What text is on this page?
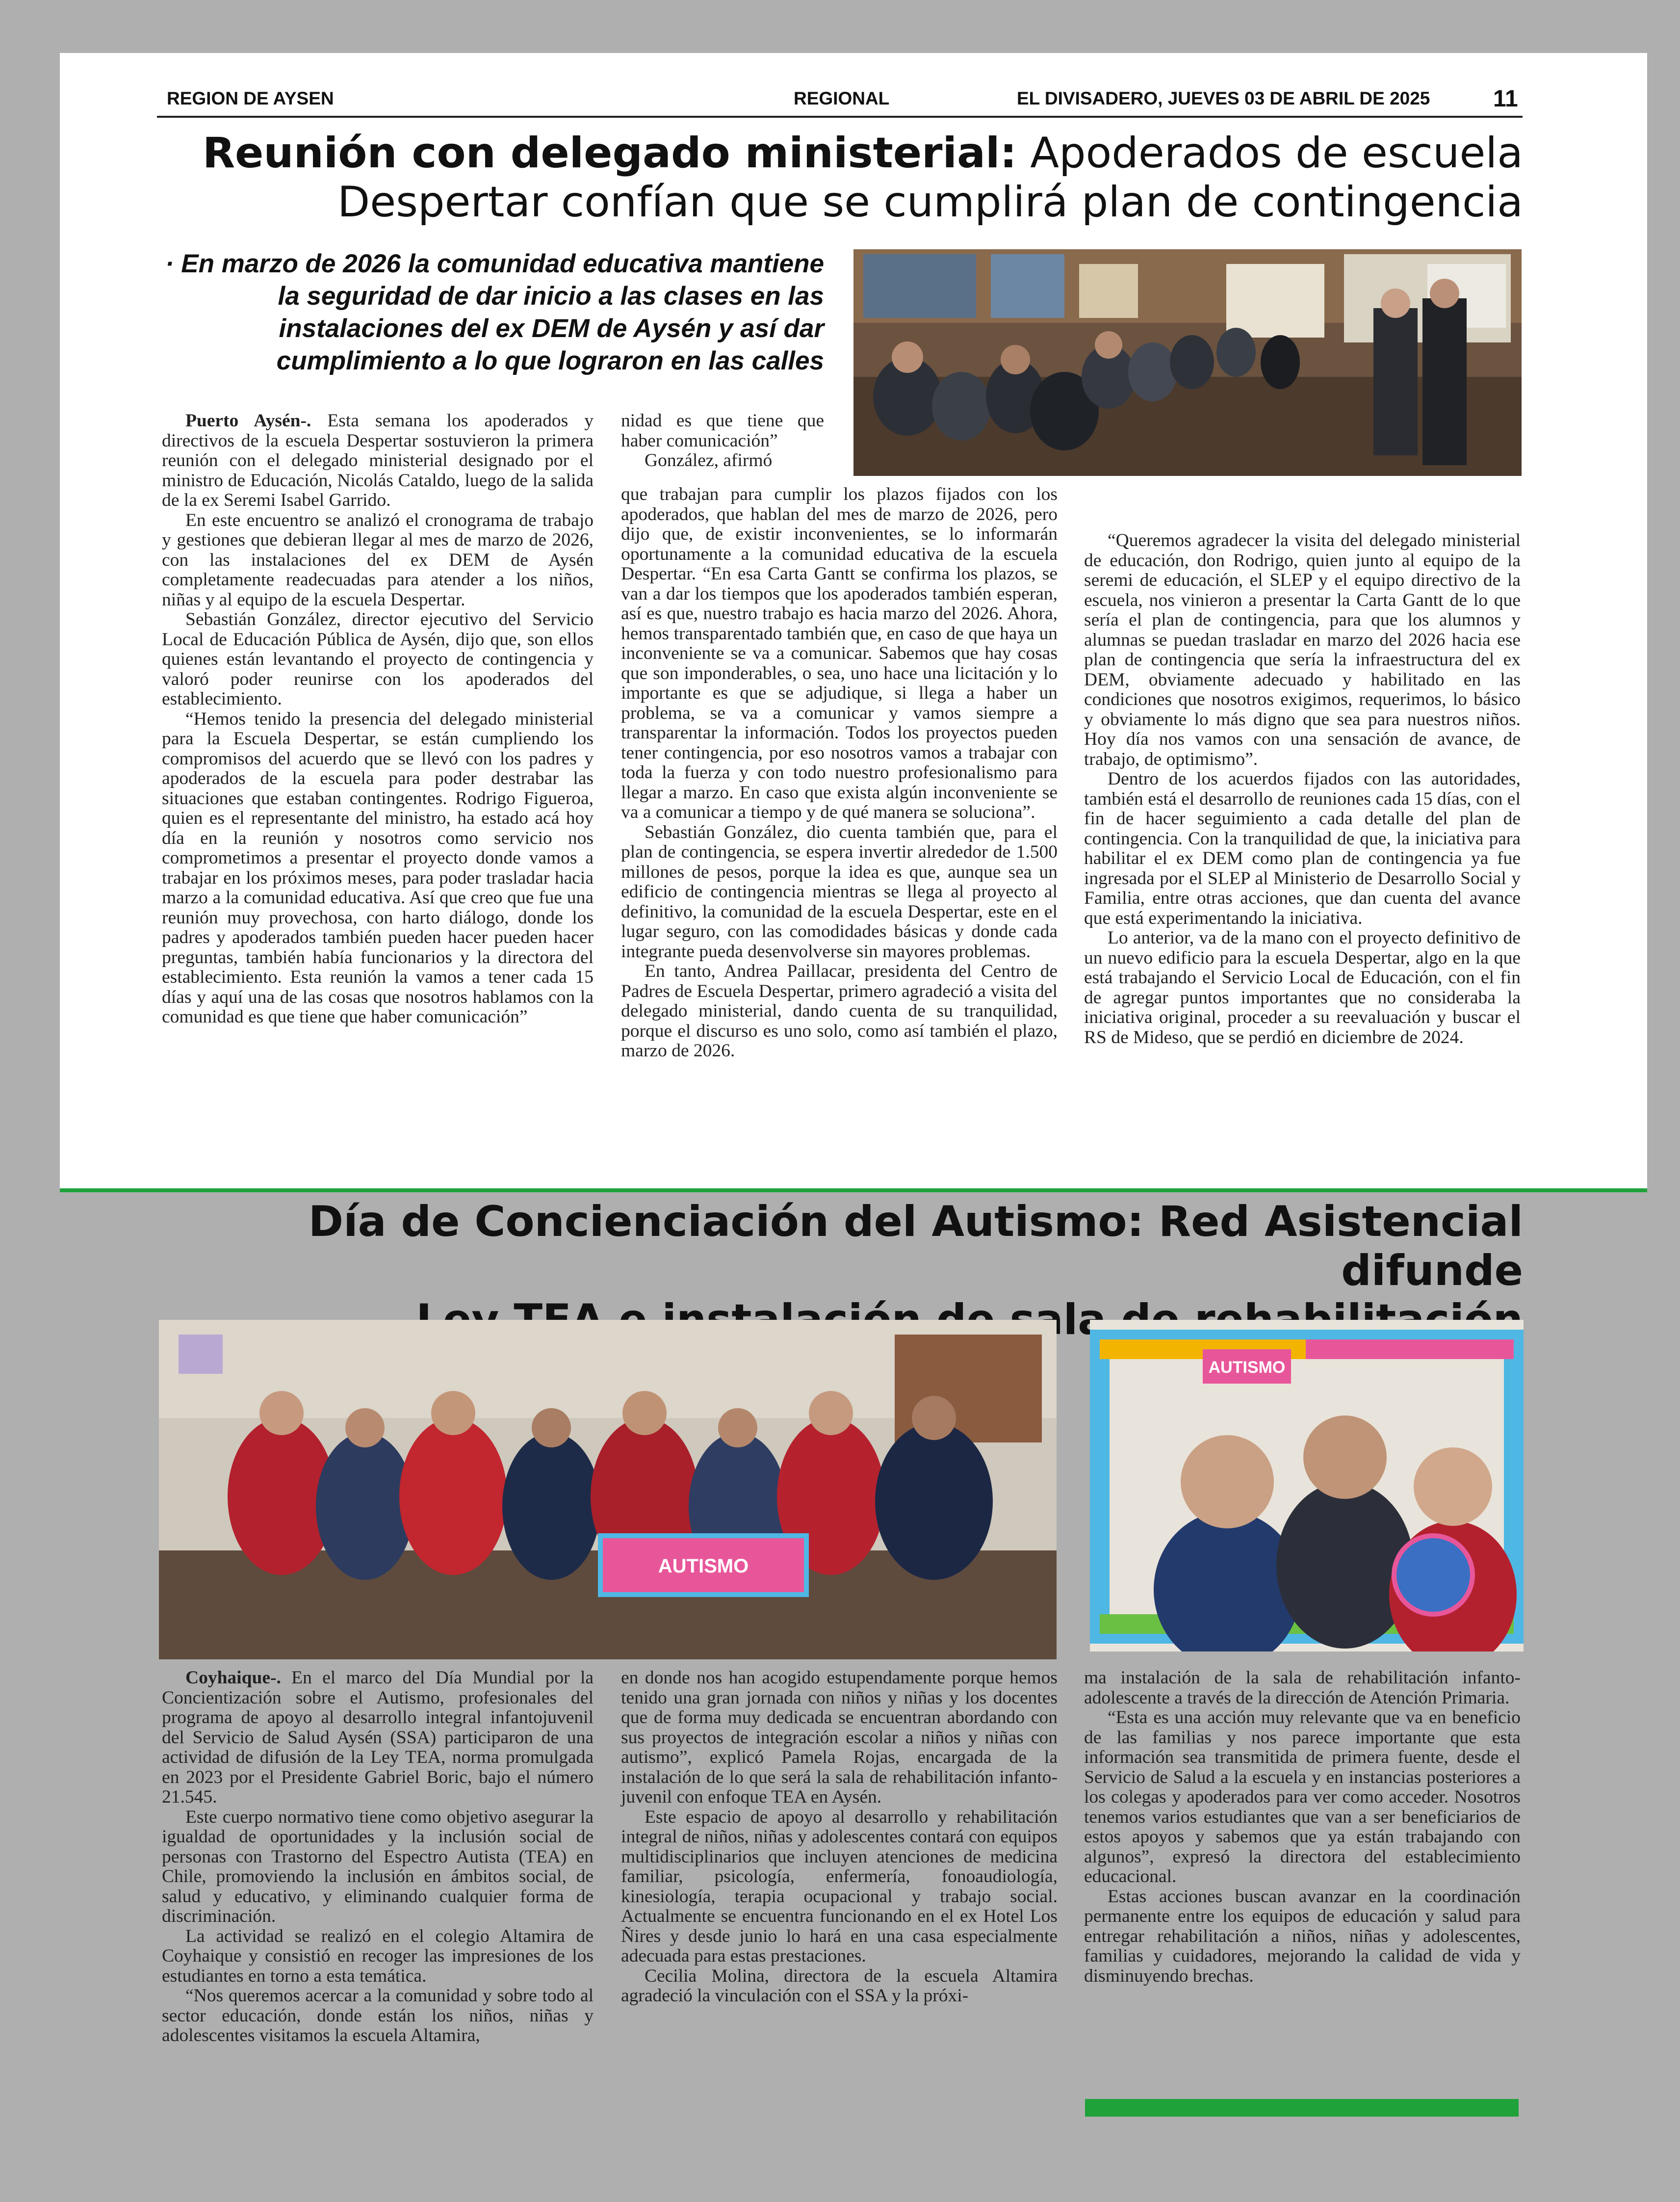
REGION DE AYSEN	REGIONAL	EL DIVISADERO, JUEVES 03 DE ABRIL DE 2025	11
Reunión con delegado ministerial: Apoderados de escuela
Despertar confían que se cumplirá plan de contingencia
· En marzo de 2026 la comunidad educativa mantiene la seguridad de dar inicio a las clases en las instalaciones del ex DEM de Aysén y así dar cumplimiento a lo que lograron en las calles

Puerto Aysén-. Esta semana los apoderados y directivos de la escuela Despertar sostuvieron la primera reunión con el delegado ministerial designado por el ministro de Educación, Nicolás Cataldo, luego de la salida de la ex Seremi Isabel Garrido.

En este encuentro se analizó el cronograma de trabajo y gestiones que debieran llegar al mes de marzo de 2026, con las instalaciones del ex DEM de Aysén completamente readecuadas para atender a los niños, niñas y al equipo de la escuela Despertar.

Sebastián González, director ejecutivo del Servicio Local de Educación Pública de Aysén, dijo que, son ellos quienes están levantando el proyecto de contingencia y valoró poder reunirse con los apoderados del establecimiento.

“Hemos tenido la presencia del delegado ministerial para la Escuela Despertar, se están cumpliendo los compromisos del acuerdo que se llevó con los padres y apoderados de la escuela para poder destrabar las situaciones que estaban contingentes. Rodrigo Figueroa, quien es el representante del ministro, ha estado acá hoy día en la reunión y nosotros como servicio nos comprometimos a presentar el proyecto donde vamos a trabajar en los próximos meses, para poder trasladar hacia marzo a la comunidad educativa. Así que creo que fue una reunión muy provechosa, con harto diálogo, donde los padres y apoderados también pueden hacer pueden hacer preguntas, también había funcionarios y la directora del establecimiento. Esta reunión la vamos a tener cada 15 días y aquí una de las cosas que nosotros hablamos con la comunidad es que tiene que haber comunicación”

nidad es que tiene que haber comunicación”

González, afirmó

que trabajan para cumplir los plazos fijados con los apoderados, que hablan del mes de marzo de 2026, pero dijo que, de existir inconvenientes, se lo informarán oportunamente a la comunidad educativa de la escuela Despertar. “En esa Carta Gantt se confirma los plazos, se van a dar los tiempos que los apoderados también esperan, así es que, nuestro trabajo es hacia marzo del 2026. Ahora, hemos transparentado también que, en caso de que haya un inconveniente se va a comunicar. Sabemos que hay cosas que son imponderables, o sea, uno hace una licitación y lo importante es que se adjudique, si llega a haber un problema, se va a comunicar y vamos siempre a transparentar la información. Todos los proyectos pueden tener contingencia, por eso nosotros vamos a trabajar con toda la fuerza y con todo nuestro profesionalismo para llegar a marzo. En caso que exista algún inconveniente se va a comunicar a tiempo y de qué manera se soluciona”.

Sebastián González, dio cuenta también que, para el plan de contingencia, se espera invertir alrededor de 1.500 millones de pesos, porque la idea es que, aunque sea un edificio de contingencia mientras se llega al proyecto al definitivo, la comunidad de la escuela Despertar, este en el lugar seguro, con las comodidades básicas y donde cada integrante pueda desenvolverse sin mayores problemas.

En tanto, Andrea Paillacar, presidenta del Centro de Padres de Escuela Despertar, primero agradeció a visita del delegado ministerial, dando cuenta de su tranquilidad, porque el discurso es uno solo, como así también el plazo, marzo de 2026.

“Queremos agradecer la visita del delegado ministerial de educación, don Rodrigo, quien junto al equipo de la seremi de educación, el SLEP y el equipo directivo de la escuela, nos vinieron a presentar la Carta Gantt de lo que sería el plan de contingencia, para que los alumnos y alumnas se puedan trasladar en marzo del 2026 hacia ese plan de contingencia que sería la infraestructura del ex DEM, obviamente adecuado y habilitado en las condiciones que nosotros exigimos, requerimos, lo básico y obviamente lo más digno que sea para nuestros niños. Hoy día nos vamos con una sensación de avance, de trabajo, de optimismo”.

Dentro de los acuerdos fijados con las autoridades, también está el desarrollo de reuniones cada 15 días, con el fin de hacer seguimiento a cada detalle del plan de contingencia. Con la tranquilidad de que, la iniciativa para habilitar el ex DEM como plan de contingencia ya fue ingresada por el SLEP al Ministerio de Desarrollo Social y Familia, entre otras acciones, que dan cuenta del avance que está experimentando la iniciativa.

Lo anterior, va de la mano con el proyecto definitivo de un nuevo edificio para la escuela Despertar, algo en la que está trabajando el Servicio Local de Educación, con el fin de agregar puntos importantes que no consideraba la iniciativa original, proceder a su reevaluación y buscar el RS de Mideso, que se perdió en diciembre de 2024.

Día de Concienciación del Autismo: Red Asistencial difunde
sala
AUTISMO
AUTISMO

Coyhaique-. En el marco del Día Mundial por la Concientización sobre el Autismo, profesionales del programa de apoyo al desarrollo integral infantojuvenil del Servicio de Salud Aysén (SSA) participaron de una actividad de difusión de la Ley TEA, norma promulgada en 2023 por el Presidente Gabriel Boric, bajo el número 21.545.

Este cuerpo normativo tiene como objetivo asegurar la igualdad de oportunidades y la inclusión social de personas con Trastorno del Espectro Autista (TEA) en Chile, promoviendo la inclusión en ámbitos social, de salud y educativo, y eliminando cualquier forma de discriminación.

La actividad se realizó en el colegio Altamira de Coyhaique y consistió en recoger las impresiones de los estudiantes en torno a esta temática.

“Nos queremos acercar a la comunidad y sobre todo al sector educación, donde están los niños, niñas y adolescentes visitamos la escuela Altamira,

en donde nos han acogido estupendamente porque hemos tenido una gran jornada con niños y niñas y los docentes que de forma muy dedicada se encuentran abordando con sus proyectos de integración escolar a niños y niñas con autismo”, explicó Pamela Rojas, encargada de la instalación de lo que será la sala de rehabilitación infanto-juvenil con enfoque TEA en Aysén.

Este espacio de apoyo al desarrollo y rehabilitación integral de niños, niñas y adolescentes contará con equipos multidisciplinarios que incluyen atenciones de medicina familiar, psicología, enfermería, fonoaudiología, kinesiología, terapia ocupacional y trabajo social. Actualmente se encuentra funcionando en el ex Hotel Los Ñires y desde junio lo hará en una casa especialmente adecuada para estas prestaciones.

Cecilia Molina, directora de la escuela Altamira agradeció la vinculación con el SSA y la próxi-

ma instalación de la sala de rehabilitación infanto-adolescente a través de la dirección de Atención Primaria.

“Esta es una acción muy relevante que va en beneficio de las familias y nos parece importante que esta información sea transmitida de primera fuente, desde el Servicio de Salud a la escuela y en instancias posteriores a los colegas y apoderados para ver como acceder. Nosotros tenemos varios estudiantes que van a ser beneficiarios de estos apoyos y sabemos que ya están trabajando con algunos”, expresó la directora del establecimiento educacional.

Estas acciones buscan avanzar en la coordinación permanente entre los equipos de educación y salud para entregar rehabilitación a niños, niñas y adolescentes, familias y cuidadores, mejorando la calidad de vida y disminuyendo brechas.
